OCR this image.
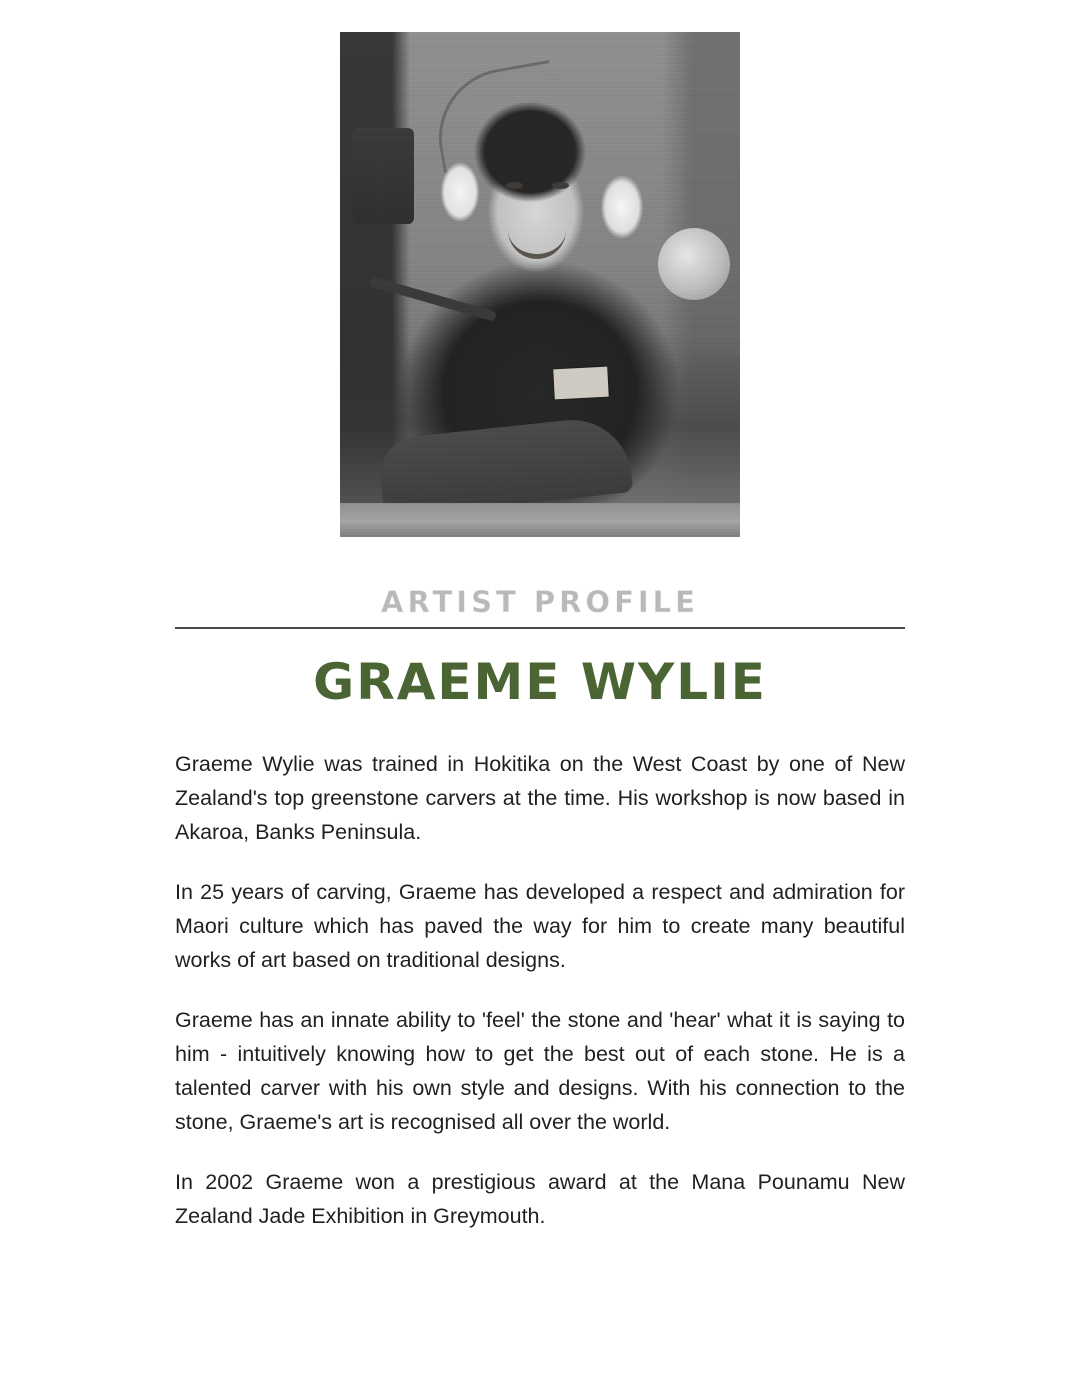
ARTIST PROFILE
GRAEME WYLIE

Graeme Wylie was trained in Hokitika on the West Coast by one of New Zealand's top greenstone carvers at the time. His workshop is now based in Akaroa, Banks Peninsula.

In 25 years of carving, Graeme has developed a respect and admiration for Maori culture which has paved the way for him to create many beautiful works of art based on traditional designs.

Graeme has an innate ability to 'feel' the stone and 'hear' what it is saying to him - intuitively knowing how to get the best out of each stone. He is a talented carver with his own style and designs. With his connection to the stone, Graeme's art is recognised all over the world.

In 2002 Graeme won a prestigious award at the Mana Pounamu New Zealand Jade Exhibition in Greymouth.
